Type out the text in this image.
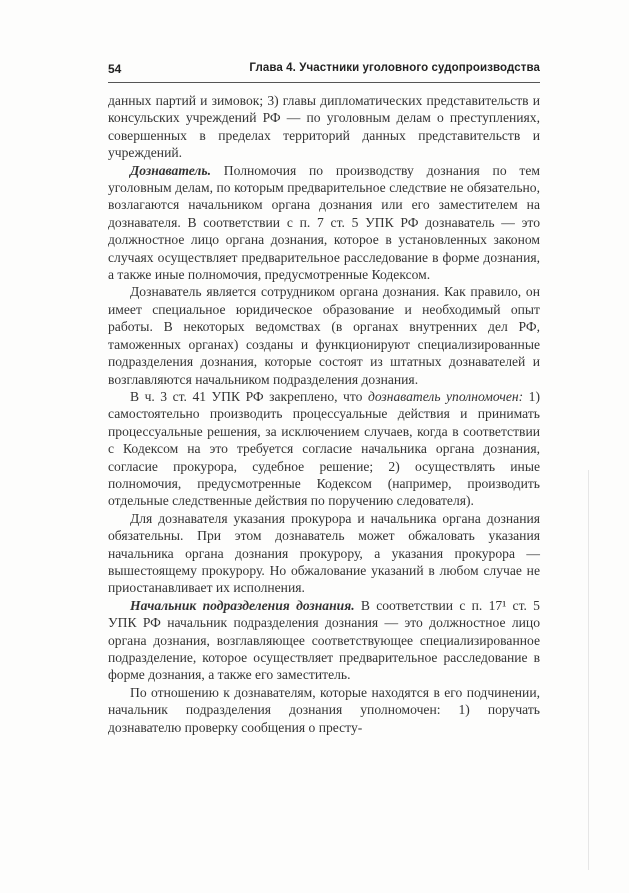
54	Глава 4. Участники уголовного судопроизводства

данных партий и зимовок; 3) главы дипломатических представительств и консульских учреждений РФ — по уголовным делам о преступлениях, совершенных в пределах территорий данных представительств и учреждений.

Дознаватель. Полномочия по производству дознания по тем уголовным делам, по которым предварительное следствие не обязательно, возлагаются начальником органа дознания или его заместителем на дознавателя. В соответствии с п. 7 ст. 5 УПК РФ дознаватель — это должностное лицо органа дознания, которое в установленных законом случаях осуществляет предварительное расследование в форме дознания, а также иные полномочия, предусмотренные Кодексом.

Дознаватель является сотрудником органа дознания. Как правило, он имеет специальное юридическое образование и необходимый опыт работы. В некоторых ведомствах (в органах внутренних дел РФ, таможенных органах) созданы и функционируют специализированные подразделения дознания, которые состоят из штатных дознавателей и возглавляются начальником подразделения дознания.

В ч. 3 ст. 41 УПК РФ закреплено, что дознаватель уполномочен: 1) самостоятельно производить процессуальные действия и принимать процессуальные решения, за исключением случаев, когда в соответствии с Кодексом на это требуется согласие начальника органа дознания, согласие прокурора, судебное решение; 2) осуществлять иные полномочия, предусмотренные Кодексом (например, производить отдельные следственные действия по поручению следователя).

Для дознавателя указания прокурора и начальника органа дознания обязательны. При этом дознаватель может обжаловать указания начальника органа дознания прокурору, а указания прокурора — вышестоящему прокурору. Но обжалование указаний в любом случае не приостанавливает их исполнения.

Начальник подразделения дознания. В соответствии с п. 17¹ ст. 5 УПК РФ начальник подразделения дознания — это должностное лицо органа дознания, возглавляющее соответствующее специализированное подразделение, которое осуществляет предварительное расследование в форме дознания, а также его заместитель.

По отношению к дознавателям, которые находятся в его подчинении, начальник подразделения дознания уполномочен: 1) поручать дознавателю проверку сообщения о престу-
